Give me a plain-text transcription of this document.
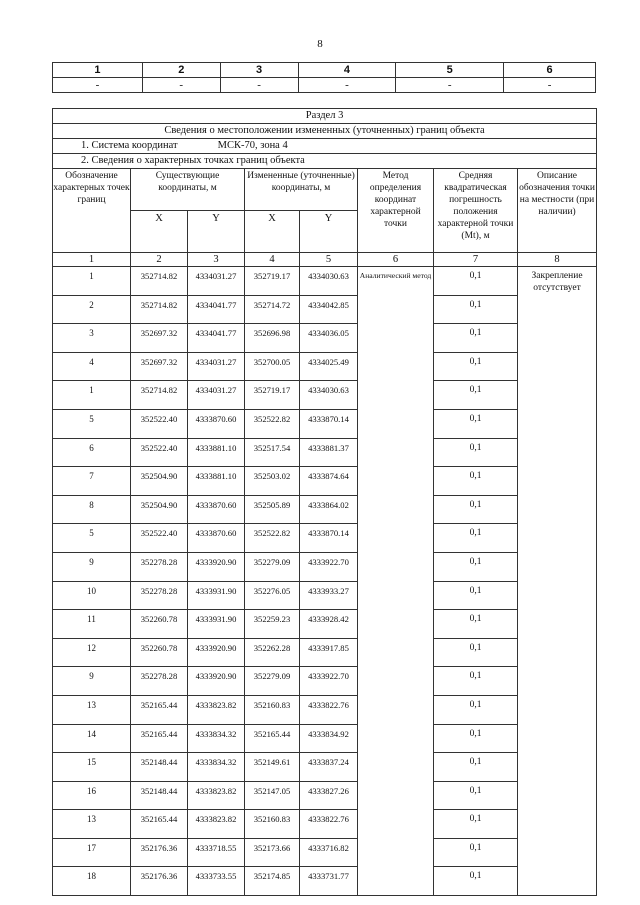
8
1	2	3	4	5	6
-	-	-	-	-	-
Раздел 3							
Сведения о местоположении измененных (уточненных) границ объекта							
1. Система координат МСК-70, зона 4							
2. Сведения о характерных точках границ объекта							
Обозначение характерных точек границ	Существующие координаты, м		Измененные (уточненные) координаты, м		Метод определения координат характерной точки	Средняя квадратическая погрешность положения характерной точки (Mt), м	Описание обозначения точки на местности (при наличии)
	X	Y	X	Y			
1	2	3	4	5	6	7	8
1	352714.82	4334031.27	352719.17	4334030.63	Аналитический метод	0,1	Закрепление отсутствует
2	352714.82	4334041.77	352714.72	4334042.85		0,1	
3	352697.32	4334041.77	352696.98	4334036.05		0,1	
4	352697.32	4334031.27	352700.05	4334025.49		0,1	
1	352714.82	4334031.27	352719.17	4334030.63		0,1	
5	352522.40	4333870.60	352522.82	4333870.14		0,1	
6	352522.40	4333881.10	352517.54	4333881.37		0,1	
7	352504.90	4333881.10	352503.02	4333874.64		0,1	
8	352504.90	4333870.60	352505.89	4333864.02		0,1	
5	352522.40	4333870.60	352522.82	4333870.14		0,1	
9	352278.28	4333920.90	352279.09	4333922.70		0,1	
10	352278.28	4333931.90	352276.05	4333933.27		0,1	
11	352260.78	4333931.90	352259.23	4333928.42		0,1	
12	352260.78	4333920.90	352262.28	4333917.85		0,1	
9	352278.28	4333920.90	352279.09	4333922.70		0,1	
13	352165.44	4333823.82	352160.83	4333822.76		0,1	
14	352165.44	4333834.32	352165.44	4333834.92		0,1	
15	352148.44	4333834.32	352149.61	4333837.24		0,1	
16	352148.44	4333823.82	352147.05	4333827.26		0,1	
13	352165.44	4333823.82	352160.83	4333822.76		0,1	
17	352176.36	4333718.55	352173.66	4333716.82		0,1	
18	352176.36	4333733.55	352174.85	4333731.77		0,1	
